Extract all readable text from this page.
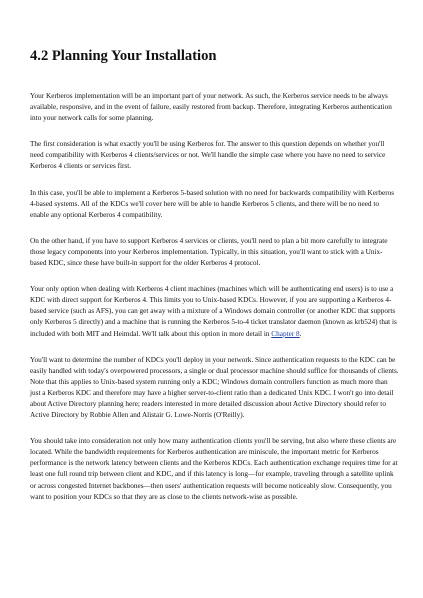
4.2 Planning Your Installation

Your Kerberos implementation will be an important part of your network. As such, the Kerberos service needs to be always available, responsive, and in the event of failure, easily restored from backup. Therefore, integrating Kerberos authentication into your network calls for some planning.

The first consideration is what exactly you'll be using Kerberos for. The answer to this question depends on whether you'll need compatibility with Kerberos 4 clients/services or not. We'll handle the simple case where you have no need to service Kerberos 4 clients or services first.

In this case, you'll be able to implement a Kerberos 5-based solution with no need for backwards compatibility with Kerberos 4-based systems. All of the KDCs we'll cover here will be able to handle Kerberos 5 clients, and there will be no need to enable any optional Kerberos 4 compatibility.

On the other hand, if you have to support Kerberos 4 services or clients, you'll need to plan a bit more carefully to integrate those legacy components into your Kerberos implementation. Typically, in this situation, you'll want to stick with a Unix-based KDC, since these have built-in support for the older Kerberos 4 protocol.

Your only option when dealing with Kerberos 4 client machines (machines which will be authenticating end users) is to use a KDC with direct support for Kerberos 4. This limits you to Unix-based KDCs. However, if you are supporting a Kerberos 4-based service (such as AFS), you can get away with a mixture of a Windows domain controller (or another KDC that supports only Kerberos 5 directly) and a machine that is running the Kerberos 5-to-4 ticket translator daemon (known as krb524) that is included with both MIT and Heimdal. We'll talk about this option in more detail in Chapter 8.

You'll want to determine the number of KDCs you'll deploy in your network. Since authentication requests to the KDC can be easily handled with today's overpowered processors, a single or dual processor machine should suffice for thousands of clients. Note that this applies to Unix-based system running only a KDC; Windows domain controllers function as much more than just a Kerberos KDC and therefore may have a higher server-to-client ratio than a dedicated Unix KDC. I won't go into detail about Active Directory planning here; readers interested in more detailed discussion about Active Directory should refer to Active Directory by Robbie Allen and Alistair G. Lowe-Norris (O'Reilly).

You should take into consideration not only how many authentication clients you'll be serving, but also where these clients are located. While the bandwidth requirements for Kerberos authentication are miniscule, the important metric for Kerberos performance is the network latency between clients and the Kerberos KDCs. Each authentication exchange requires time for at least one full round trip between client and KDC, and if this latency is long—for example, traveling through a satellite uplink or across congested Internet backbones—then users' authentication requests will become noticeably slow. Consequently, you want to position your KDCs so that they are as close to the clients network-wise as possible.
